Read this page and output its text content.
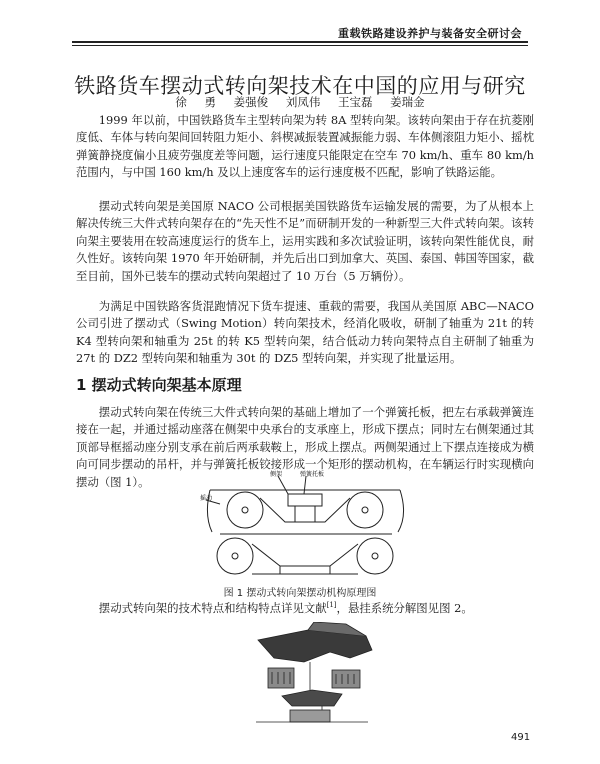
重载铁路建设养护与装备安全研讨会
铁路货车摆动式转向架技术在中国的应用与研究
徐 勇 姜强俊 刘凤伟 王宝磊 姜瑞金

1999 年以前，中国铁路货车主型转向架为转 8A 型转向架。该转向架由于存在抗菱刚度低、车体与转向架间回转阻力矩小、斜楔减振装置减振能力弱、车体侧滚阻力矩小、摇枕弹簧静挠度偏小且疲劳强度差等问题，运行速度只能限定在空车 70 km/h、重车 80 km/h 范围内，与中国 160 km/h 及以上速度客车的运行速度极不匹配，影响了铁路运能。

摆动式转向架是美国原 NACO 公司根据美国铁路货车运输发展的需要，为了从根本上解决传统三大件式转向架存在的“先天性不足”而研制开发的一种新型三大件式转向架。该转向架主要装用在较高速度运行的货车上，运用实践和多次试验证明，该转向架性能优良，耐久性好。该转向架 1970 年开始研制，并先后出口到加拿大、英国、泰国、韩国等国家，截至目前，国外已装车的摆动式转向架超过了 10 万台（5 万辆份）。

为满足中国铁路客货混跑情况下货车提速、重载的需要，我国从美国原 ABC—NACO 公司引进了摆动式（Swing Motion）转向架技术，经消化吸收，研制了轴重为 21t 的转 K4 型转向架和轴重为 25t 的转 K5 型转向架，结合低动力转向架特点自主研制了轴重为 27t 的 DZ2 型转向架和轴重为 30t 的 DZ5 型转向架，并实现了批量运用。

1 摆动式转向架基本原理

摆动式转向架在传统三大件式转向架的基础上增加了一个弹簧托板，把左右承载弹簧连接在一起，并通过摇动座落在侧架中央承台的支承座上，形成下摆点；同时左右侧架通过其顶部导框摇动座分别支承在前后两承载鞍上，形成上摆点。两侧架通过上下摆点连接成为横向可同步摆动的吊杆，并与弹簧托板铰接形成一个矩形的摆动机构，在车辆运行时实现横向摆动（图 1）。

侧架	弹簧托板
摇动
图 1 摆动式转向架摆动机构原理图
摆动式转向架的技术特点和结构特点详见文献[1]，悬挂系统分解图见图 2。
491
